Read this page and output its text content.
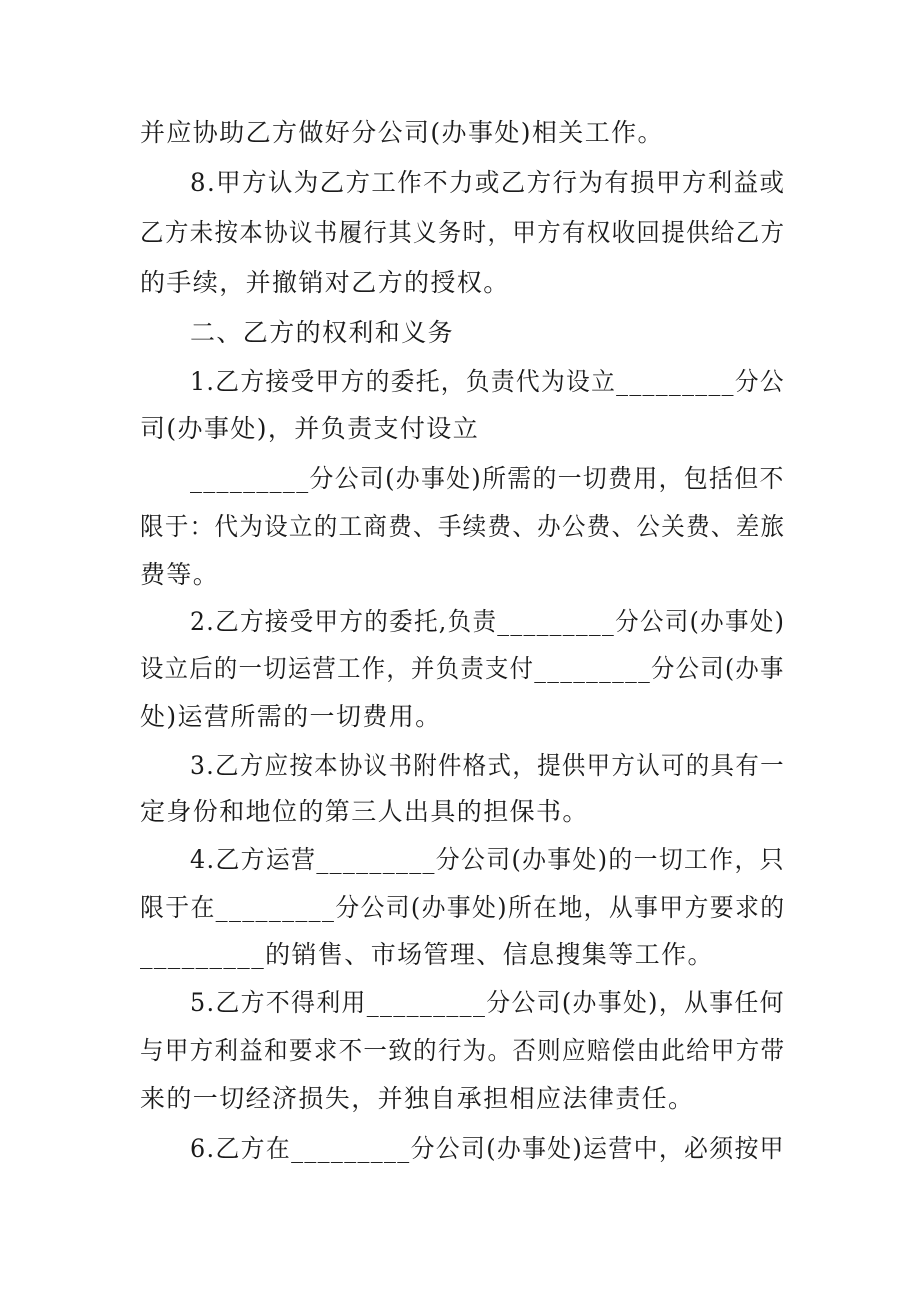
并应协助乙方做好分公司(办事处)相关工作。
8.甲方认为乙方工作不力或乙方行为有损甲方利益或
乙方未按本协议书履行其义务时，甲方有权收回提供给乙方
的手续，并撤销对乙方的授权。
二、乙方的权利和义务
1.乙方接受甲方的委托，负责代为设立_________分公
司(办事处)，并负责支付设立
_________分公司(办事处)所需的一切费用，包括但不
限于：代为设立的工商费、手续费、办公费、公关费、差旅
费等。
2.乙方接受甲方的委托,负责_________分公司(办事处)
设立后的一切运营工作，并负责支付_________分公司(办事
处)运营所需的一切费用。
3.乙方应按本协议书附件格式，提供甲方认可的具有一
定身份和地位的第三人出具的担保书。
4.乙方运营_________分公司(办事处)的一切工作，只
限于在_________分公司(办事处)所在地，从事甲方要求的
_________的销售、市场管理、信息搜集等工作。
5.乙方不得利用_________分公司(办事处)，从事任何
与甲方利益和要求不一致的行为。否则应赔偿由此给甲方带
来的一切经济损失，并独自承担相应法律责任。
6.乙方在_________分公司(办事处)运营中，必须按甲
